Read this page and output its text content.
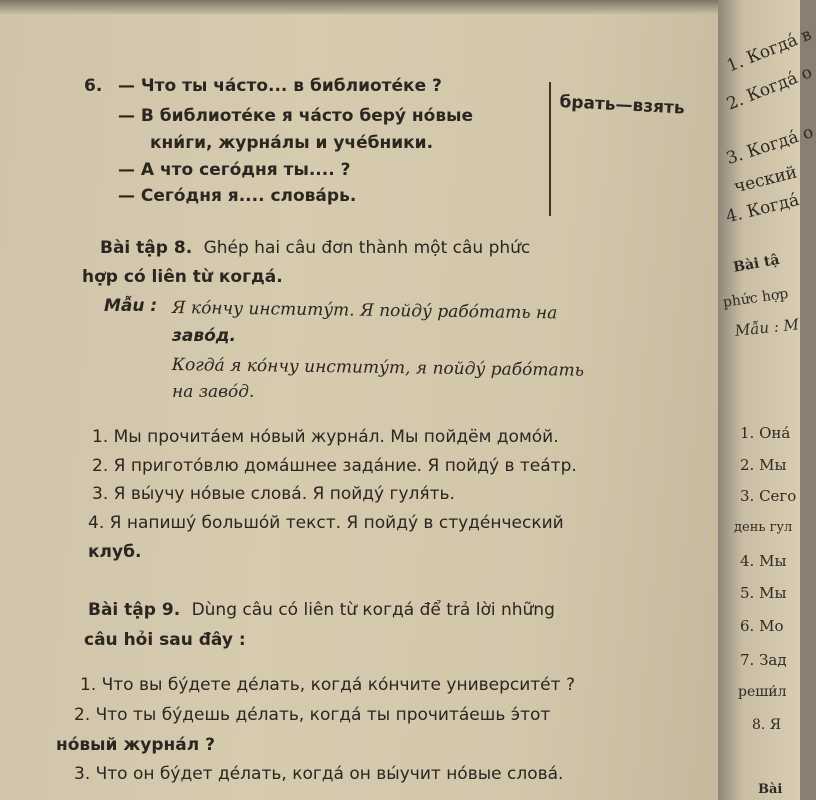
6. — Что ты ча́сто... в библиоте́ке ?
— В библиоте́ке я ча́сто беру́ но́вые
кни́ги, журна́лы и уче́бники.
— А что сего́дня ты.... ?
— Сего́дня я.... слова́рь.
брать—взять
Bài tập 8. Ghép hai câu đơn thành một câu phức
hợp có liên từ когда́.
Mẫu : Я ко́нчу институ́т. Я пойду́ рабо́тать на
заво́д.
Когда́ я ко́нчу институ́т, я пойду́ рабо́тать
на заво́д.
1. Мы прочита́ем но́вый журна́л. Мы пойдём домо́й.
2. Я пригото́влю дома́шнее зада́ние. Я пойду́ в теа́тр.
3. Я вы́учу но́вые слова́. Я пойду́ гуля́ть.
4. Я напишу́ большо́й текст. Я пойду́ в студе́нческий
клуб.
Bài tập 9. Dùng câu có liên từ когда́ để trả lời những
câu hỏi sau đây :
1. Что вы бу́дете де́лать, когда́ ко́нчите университе́т ?
2. Что ты бу́дешь де́лать, когда́ ты прочита́ешь э́тот
но́вый журна́л ?
3. Что он бу́дет де́лать, когда́ он вы́учит но́вые слова́.
1. Когда́ в
2. Когда́ о
3. Когда́ о
ческий
4. Когда́
Bài tậ
phức hợp
Mẫu : М
1. Она́
2. Мы
3. Сего
день гул
4. Мы
5. Мы
6. Мо
7. Зад
реши́л
8. Я
Bài
